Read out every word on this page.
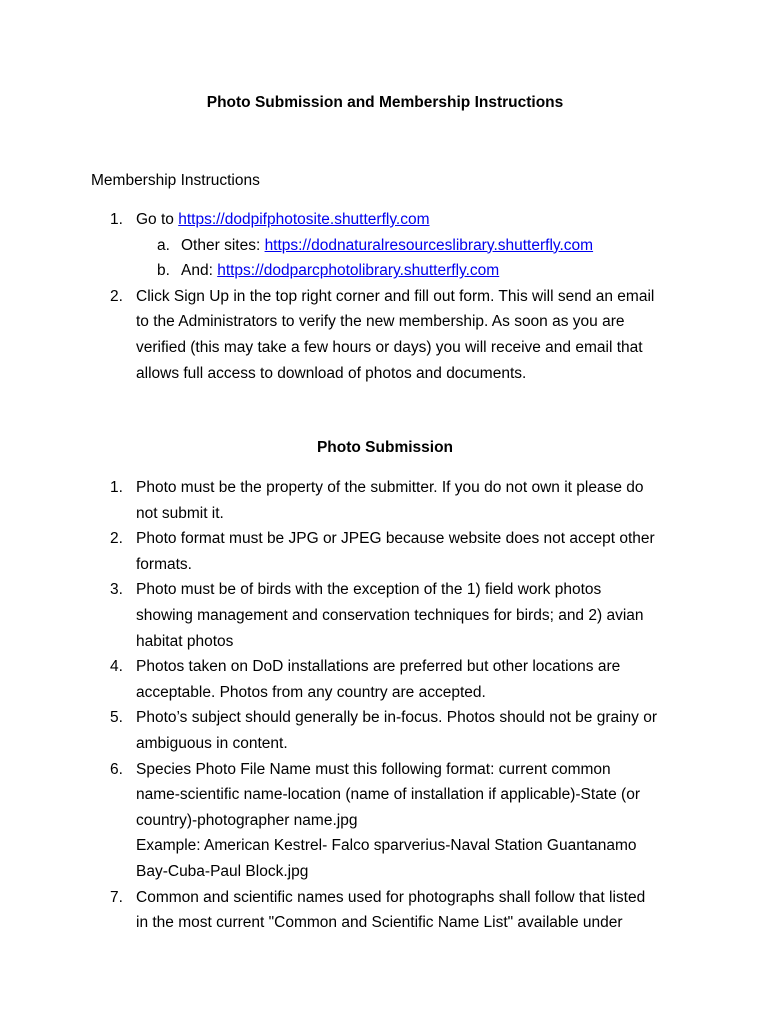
Photo Submission and Membership Instructions
Membership Instructions
1. Go to https://dodpifphotosite.shutterfly.com
a. Other sites: https://dodnaturalresourceslibrary.shutterfly.com
b. And: https://dodparcphotolibrary.shutterfly.com
2. Click Sign Up in the top right corner and fill out form. This will send an email
to the Administrators to verify the new membership. As soon as you are
verified (this may take a few hours or days) you will receive and email that
allows full access to download of photos and documents.
Photo Submission
1. Photo must be the property of the submitter. If you do not own it please do
not submit it.
2. Photo format must be JPG or JPEG because website does not accept other
formats.
3. Photo must be of birds with the exception of the 1) field work photos
showing management and conservation techniques for birds; and 2) avian
habitat photos
4. Photos taken on DoD installations are preferred but other locations are
acceptable. Photos from any country are accepted.
5. Photo’s subject should generally be in-focus. Photos should not be grainy or
ambiguous in content.
6. Species Photo File Name must this following format: current common
name-scientific name-location (name of installation if applicable)-State (or
country)-photographer name.jpg
Example: American Kestrel- Falco sparverius-Naval Station Guantanamo
Bay-Cuba-Paul Block.jpg
7. Common and scientific names used for photographs shall follow that listed
in the most current "Common and Scientific Name List" available under
